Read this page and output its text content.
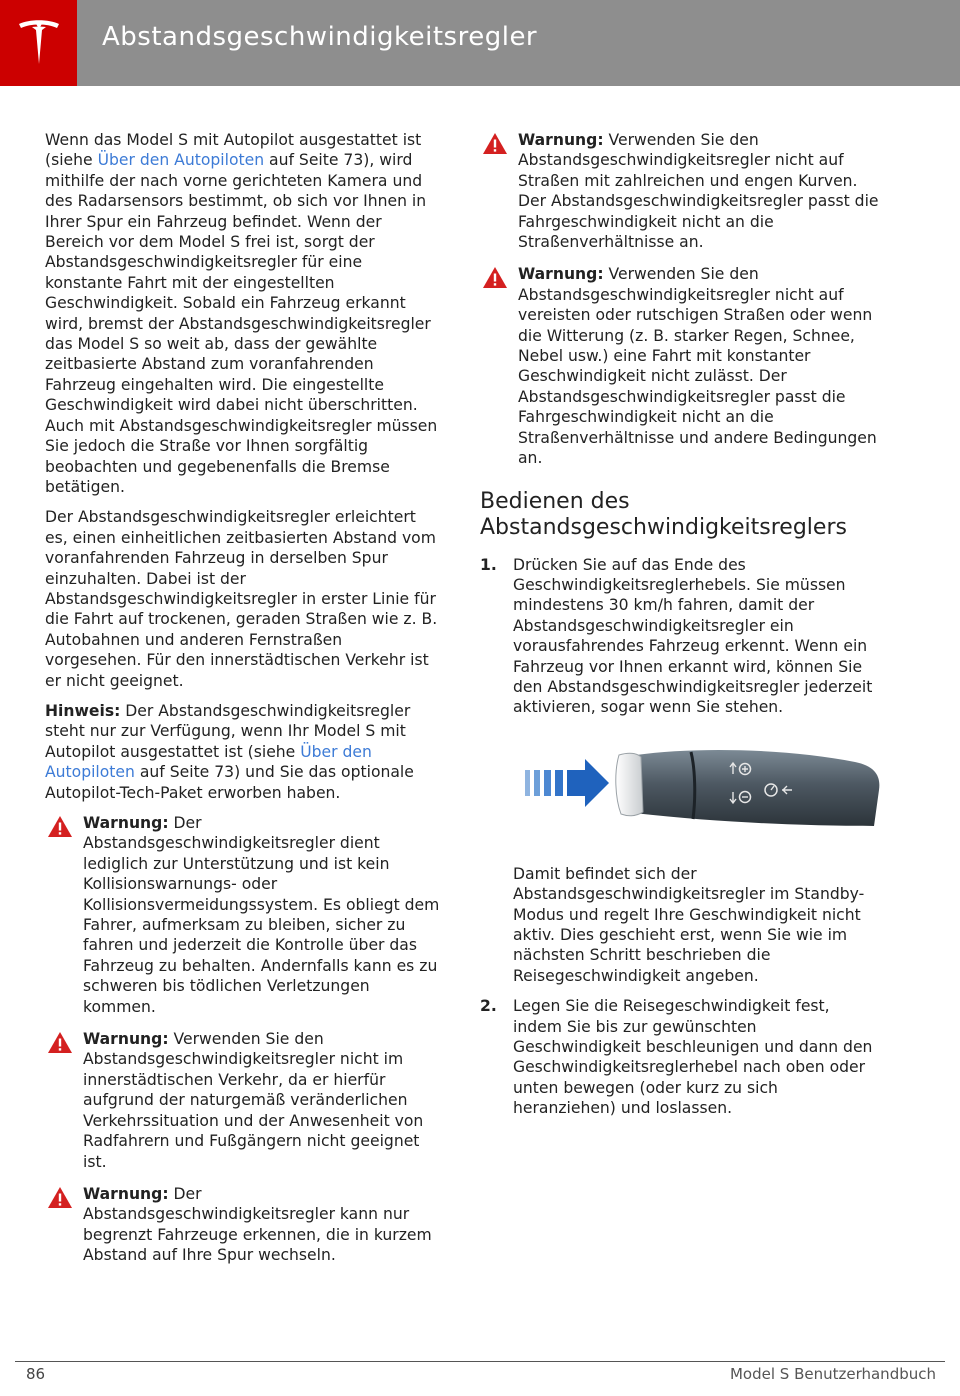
Abstandsgeschwindigkeitsregler

Wenn das Model S mit Autopilot ausgestattet ist (siehe Über den Autopiloten auf Seite 73), wird mithilfe der nach vorne gerichteten Kamera und des Radarsensors bestimmt, ob sich vor Ihnen in Ihrer Spur ein Fahrzeug befindet. Wenn der Bereich vor dem Model S frei ist, sorgt der Abstandsgeschwindigkeitsregler für eine konstante Fahrt mit der eingestellten Geschwindigkeit. Sobald ein Fahrzeug erkannt wird, bremst der Abstandsgeschwindigkeitsregler das Model S so weit ab, dass der gewählte zeitbasierte Abstand zum voranfahrenden Fahrzeug eingehalten wird. Die eingestellte Geschwindigkeit wird dabei nicht überschritten. Auch mit Abstandsgeschwindigkeitsregler müssen Sie jedoch die Straße vor Ihnen sorgfältig beobachten und gegebenenfalls die Bremse betätigen.

Der Abstandsgeschwindigkeitsregler erleichtert es, einen einheitlichen zeitbasierten Abstand vom voranfahrenden Fahrzeug in derselben Spur einzuhalten. Dabei ist der Abstandsgeschwindigkeitsregler in erster Linie für die Fahrt auf trockenen, geraden Straßen wie z. B. Autobahnen und anderen Fernstraßen vorgesehen. Für den innerstädtischen Verkehr ist er nicht geeignet.

Hinweis: Der Abstandsgeschwindigkeitsregler steht nur zur Verfügung, wenn Ihr Model S mit Autopilot ausgestattet ist (siehe Über den Autopiloten auf Seite 73) und Sie das optionale Autopilot-Tech-Paket erworben haben.

Warnung: Der Abstandsgeschwindigkeitsregler dient lediglich zur Unterstützung und ist kein Kollisionswarnungs- oder Kollisionsvermeidungssystem. Es obliegt dem Fahrer, aufmerksam zu bleiben, sicher zu fahren und jederzeit die Kontrolle über das Fahrzeug zu behalten. Andernfalls kann es zu schweren bis tödlichen Verletzungen kommen.
Warnung: Verwenden Sie den Abstandsgeschwindigkeitsregler nicht im innerstädtischen Verkehr, da er hierfür aufgrund der naturgemäß veränderlichen Verkehrssituation und der Anwesenheit von Radfahrern und Fußgängern nicht geeignet ist.
Warnung: Der Abstandsgeschwindigkeitsregler kann nur begrenzt Fahrzeuge erkennen, die in kurzem Abstand auf Ihre Spur wechseln.
Warnung: Verwenden Sie den Abstandsgeschwindigkeitsregler nicht auf Straßen mit zahlreichen und engen Kurven. Der Abstandsgeschwindigkeitsregler passt die Fahrgeschwindigkeit nicht an die Straßenverhältnisse an.
Warnung: Verwenden Sie den Abstandsgeschwindigkeitsregler nicht auf vereisten oder rutschigen Straßen oder wenn die Witterung (z. B. starker Regen, Schnee, Nebel usw.) eine Fahrt mit konstanter Geschwindigkeit nicht zulässt. Der Abstandsgeschwindigkeitsregler passt die Fahrgeschwindigkeit nicht an die Straßenverhältnisse und andere Bedingungen an.
Bedienen des Abstandsgeschwindigkeitsreglers
1. Drücken Sie auf das Ende des Geschwindigkeitsreglerhebels. Sie müssen mindestens 30 km/h fahren, damit der Abstandsgeschwindigkeitsregler ein vorausfahrendes Fahrzeug erkennt. Wenn ein Fahrzeug vor Ihnen erkannt wird, können Sie den Abstandsgeschwindigkeitsregler jederzeit aktivieren, sogar wenn Sie stehen.
Damit befindet sich der Abstandsgeschwindigkeitsregler im Standby-Modus und regelt Ihre Geschwindigkeit nicht aktiv. Dies geschieht erst, wenn Sie wie im nächsten Schritt beschrieben die Reisegeschwindigkeit angeben.
2. Legen Sie die Reisegeschwindigkeit fest, indem Sie bis zur gewünschten Geschwindigkeit beschleunigen und dann den Geschwindigkeitsreglerhebel nach oben oder unten bewegen (oder kurz zu sich heranziehen) und loslassen.
86	Model S Benutzerhandbuch
